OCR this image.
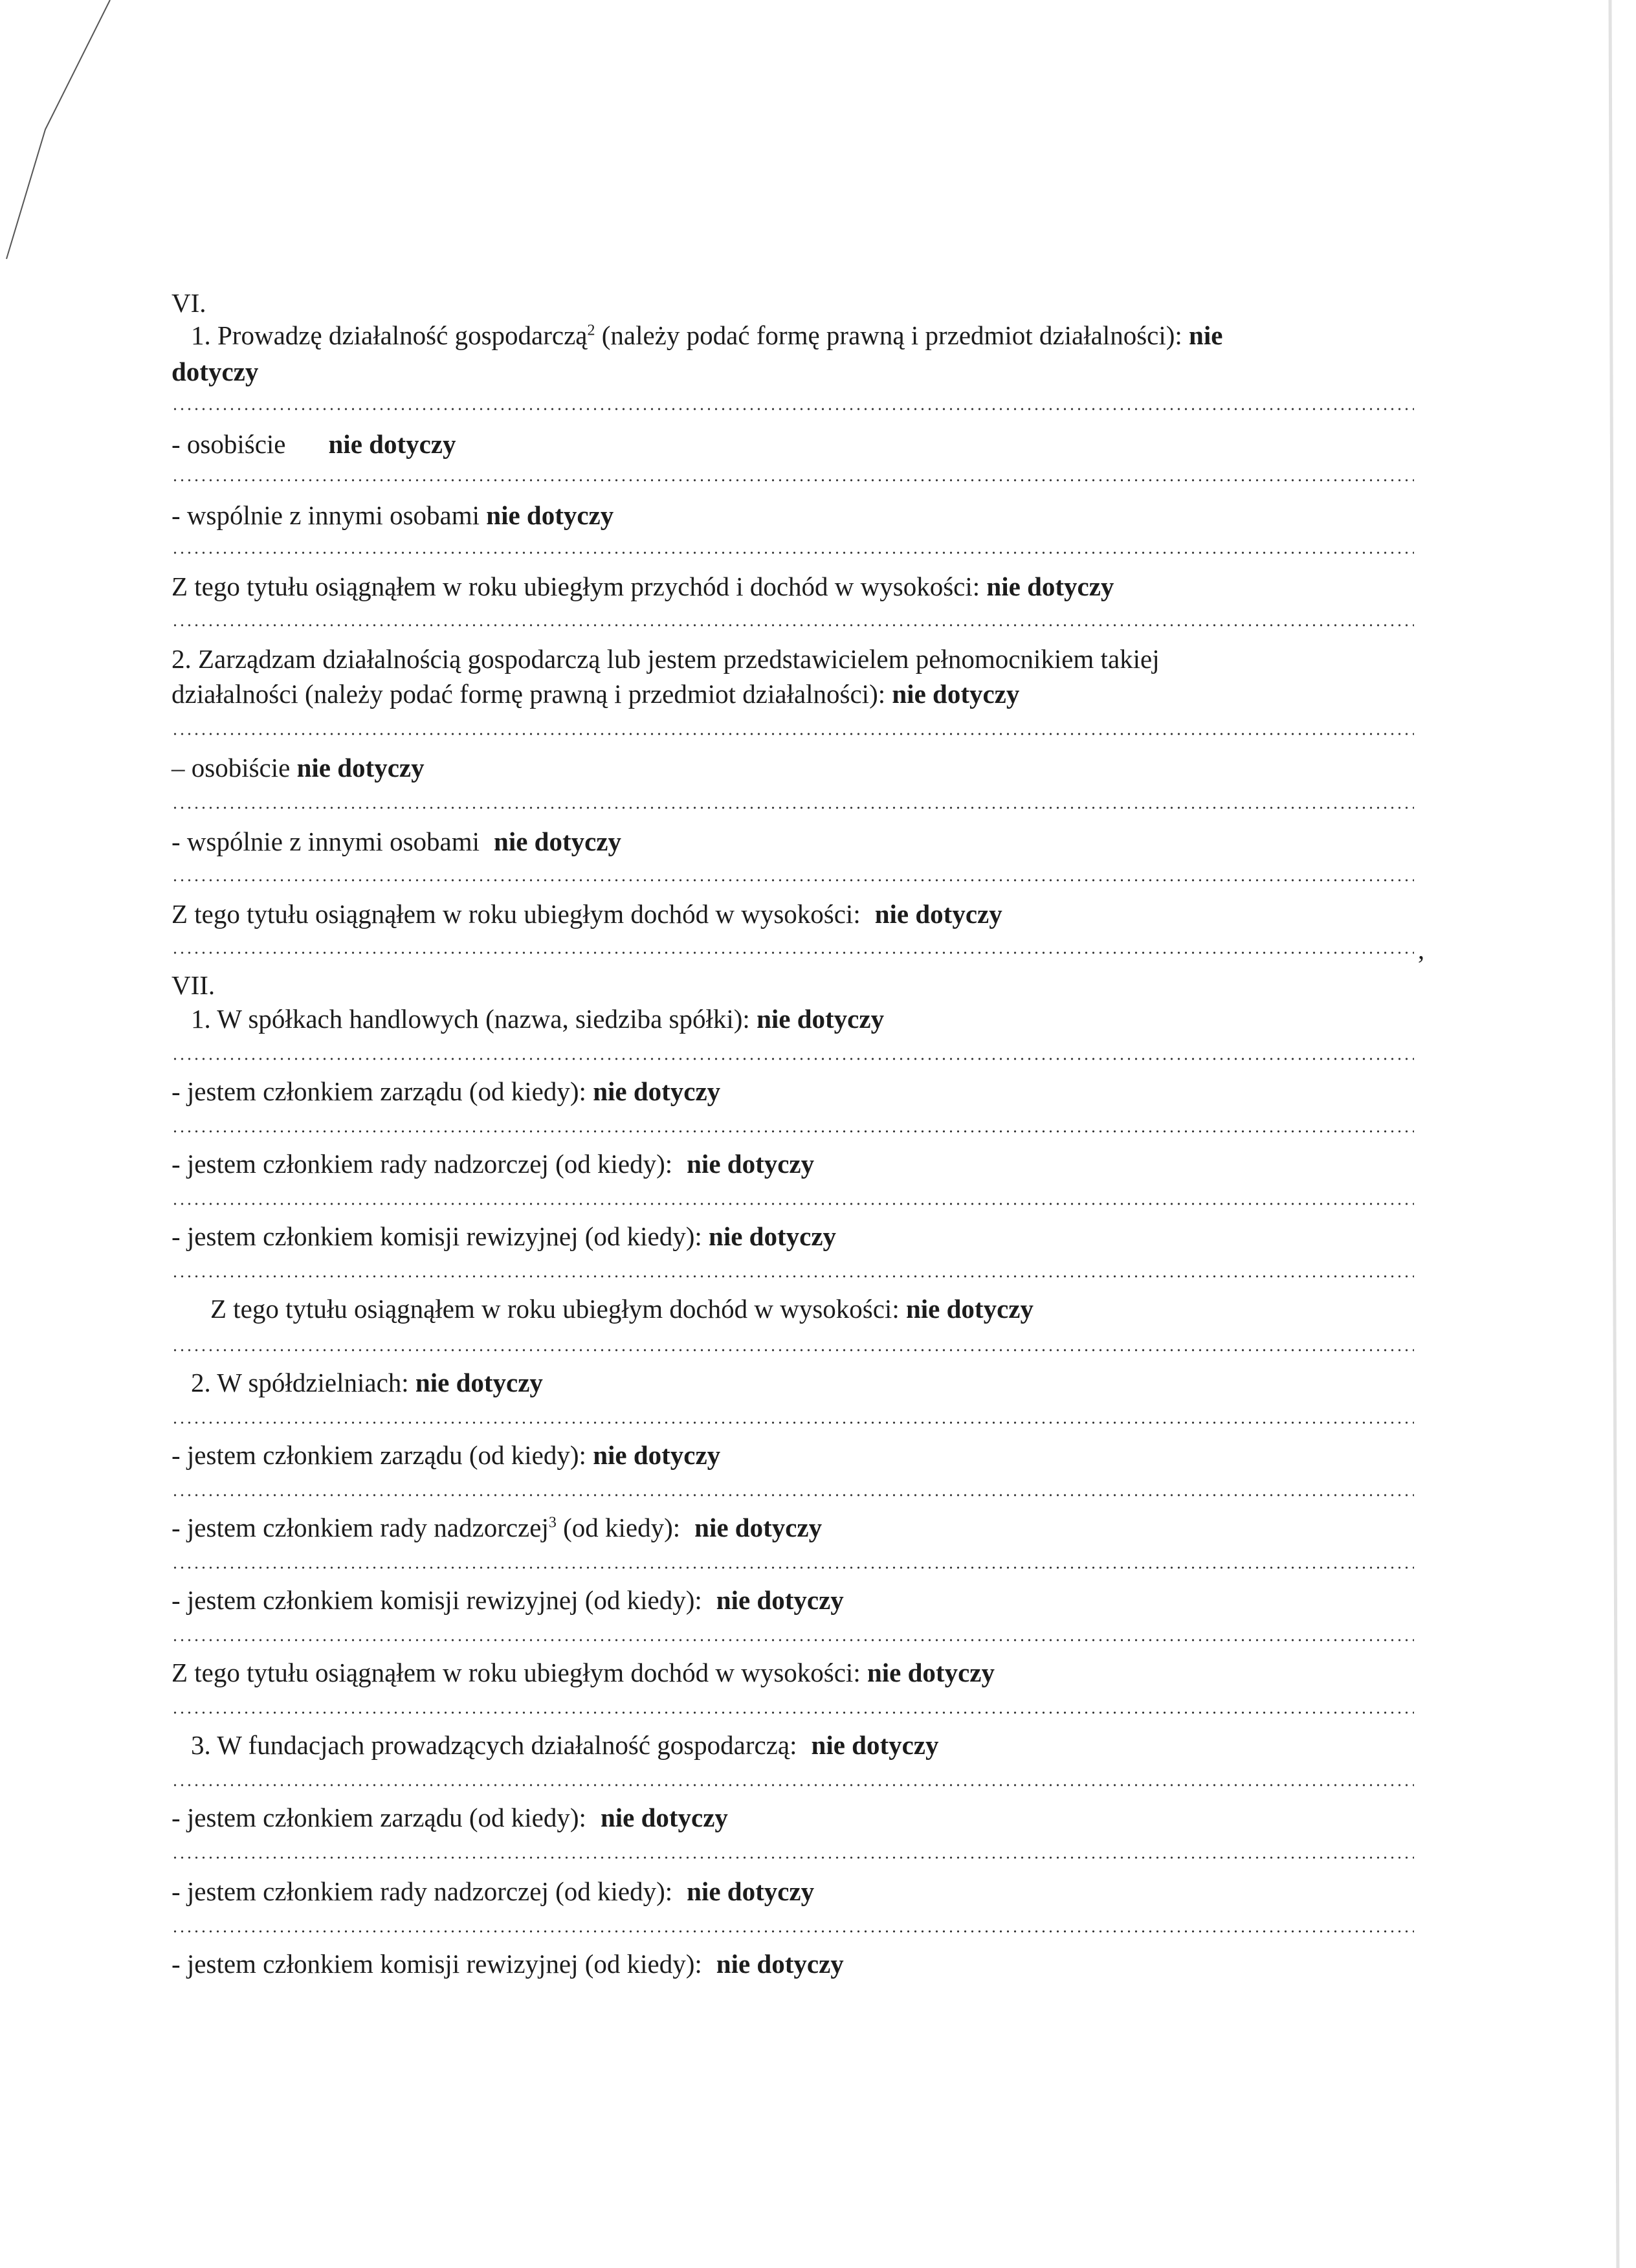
VI.
1. Prowadzę działalność gospodarczą$^2$ (należy podać formę prawną i przedmiot działalności): nie
dotyczy
- osobiście nie dotyczy
- wspólnie z innymi osobami nie dotyczy
Z tego tytułu osiągnąłem w roku ubiegłym przychód i dochód w wysokości: nie dotyczy
2. Zarządzam działalnością gospodarczą lub jestem przedstawicielem pełnomocnikiem takiej
działalności (należy podać formę prawną i przedmiot działalności): nie dotyczy
– osobiście nie dotyczy
- wspólnie z innymi osobami nie dotyczy
Z tego tytułu osiągnąłem w roku ubiegłym dochód w wysokości: nie dotyczy
,
VII.
1. W spółkach handlowych (nazwa, siedziba spółki): nie dotyczy
- jestem członkiem zarządu (od kiedy): nie dotyczy
- jestem członkiem rady nadzorczej (od kiedy): nie dotyczy
- jestem członkiem komisji rewizyjnej (od kiedy): nie dotyczy
Z tego tytułu osiągnąłem w roku ubiegłym dochód w wysokości: nie dotyczy
2. W spółdzielniach: nie dotyczy
- jestem członkiem zarządu (od kiedy): nie dotyczy
- jestem członkiem rady nadzorczej$^3$ (od kiedy): nie dotyczy
- jestem członkiem komisji rewizyjnej (od kiedy): nie dotyczy
Z tego tytułu osiągnąłem w roku ubiegłym dochód w wysokości: nie dotyczy
3. W fundacjach prowadzących działalność gospodarczą: nie dotyczy
- jestem członkiem zarządu (od kiedy): nie dotyczy
- jestem członkiem rady nadzorczej (od kiedy): nie dotyczy
- jestem członkiem komisji rewizyjnej (od kiedy): nie dotyczy
